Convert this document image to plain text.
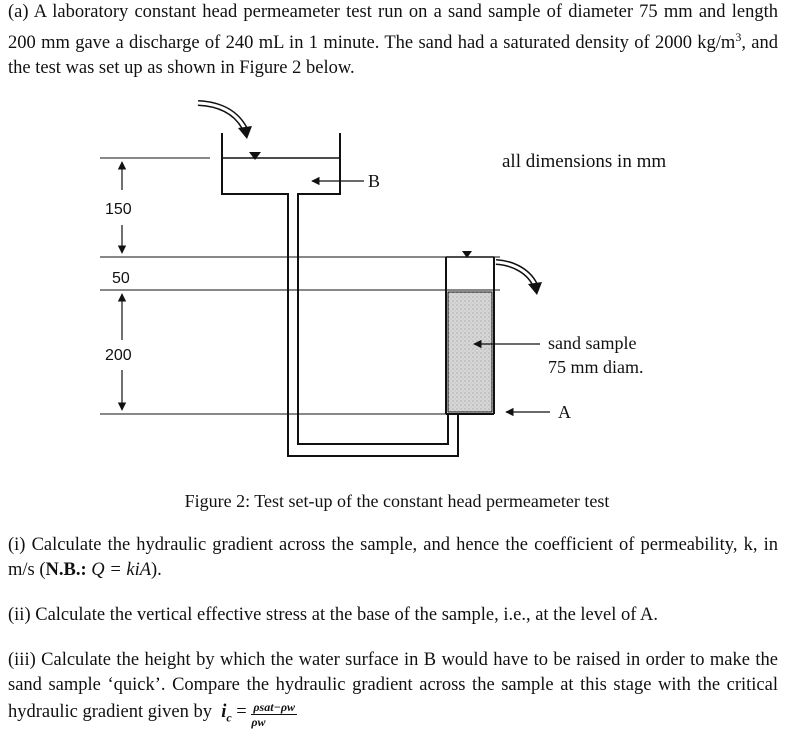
(a) A laboratory constant head permeameter test run on a sand sample of diameter 75 mm and length 200 mm gave a discharge of 240 mL in 1 minute. The sand had a saturated density of 2000 $kg/m^3$, and the test was set up as shown in Figure 2 below.

150
50
200
B
sand sample
75 mm diam.
A
all dimensions in mm
Figure 2: Test set-up of the constant head permeameter test

(i) Calculate the hydraulic gradient across the sample, and hence the coefficient of permeability, k, in m/s (N.B.: Q = kiA).

(ii) Calculate the vertical effective stress at the base of the sample, i.e., at the level of A.

(iii) Calculate the height by which the water surface in B would have to be raised in order to make the sand sample ‘quick’. Compare the hydraulic gradient across the sample at this stage with the critical hydraulic gradient given by $i_c = \frac{\text{ρsat−ρw}}{\rho w}$
